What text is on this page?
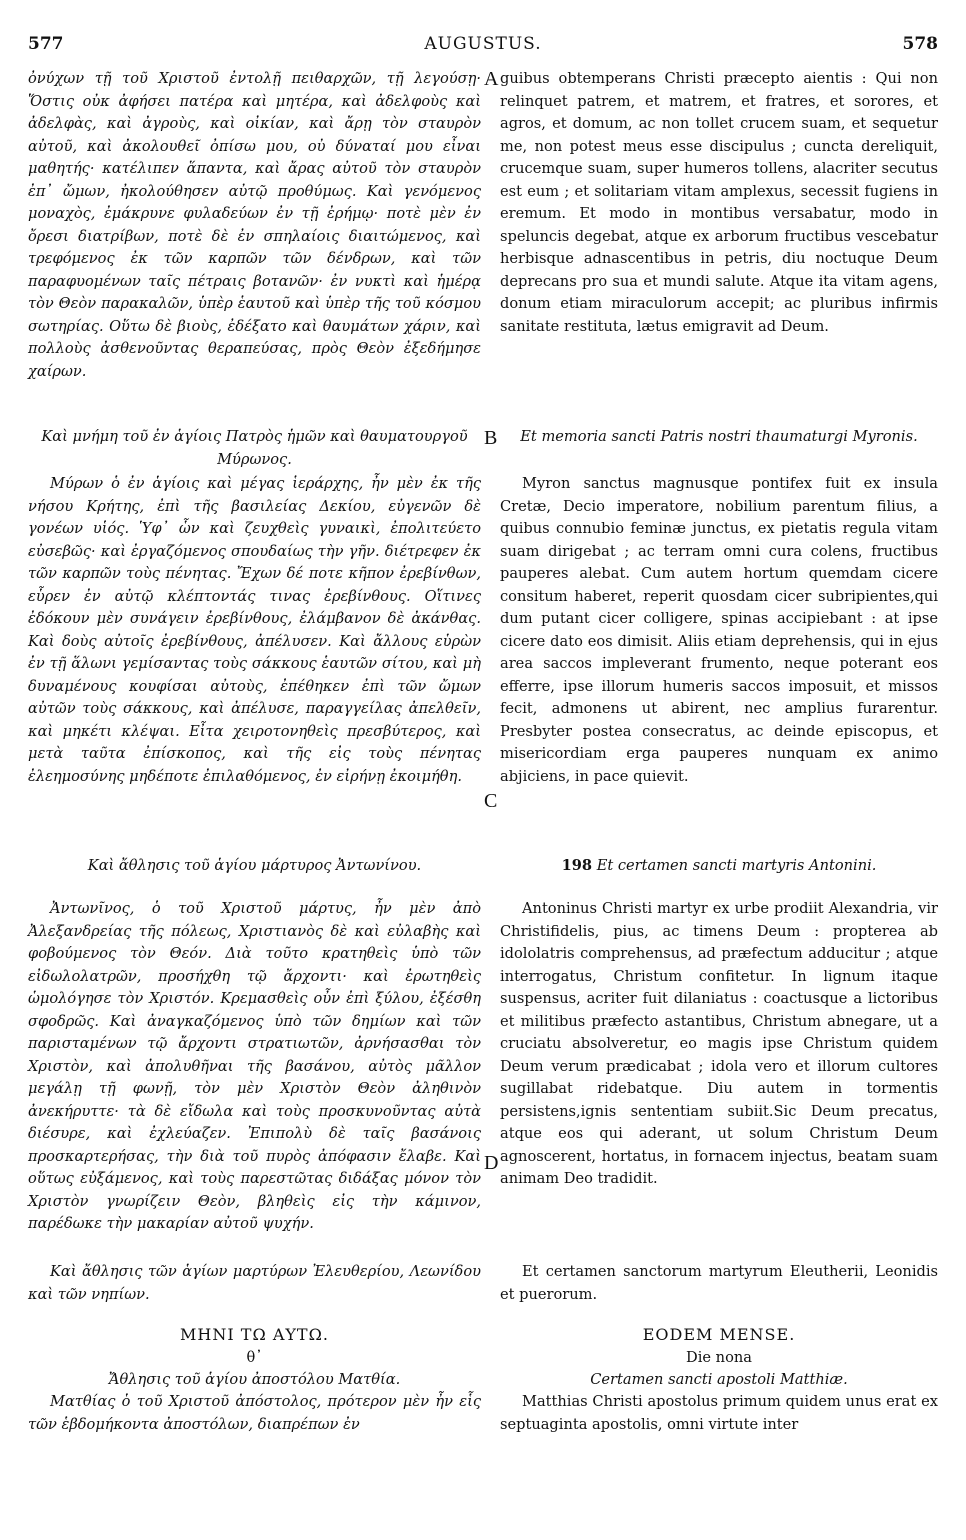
577	AUGUSTUS.	578
A
B
C
D

ὀνύχων τῇ τοῦ Χριστοῦ ἐντολῇ πειθαρχῶν, τῇ λεγούσῃ· Ὅστις οὐκ ἀφήσει πατέρα καὶ μητέρα, καὶ ἀδελφοὺς καὶ ἀδελφὰς, καὶ ἀγροὺς, καὶ οἰκίαν, καὶ ἄρῃ τὸν σταυρὸν αὐτοῦ, καὶ ἀκολουθεῖ ὀπίσω μου, οὐ δύναταί μου εἶναι μαθητής· κατέλιπεν ἅπαντα, καὶ ἄρας αὐτοῦ τὸν σταυρὸν ἐπ᾽ ὤμων, ἠκολούθησεν αὐτῷ προθύμως. Καὶ γενόμενος μοναχὸς, ἐμάκρυνε φυλαδεύων ἐν τῇ ἐρήμῳ· ποτὲ μὲν ἐν ὄρεσι διατρίβων, ποτὲ δὲ ἐν σπηλαίοις διαιτώμενος, καὶ τρεφόμενος ἐκ τῶν καρπῶν τῶν δένδρων, καὶ τῶν παραφυομένων ταῖς πέτραις βοτανῶν· ἐν νυκτὶ καὶ ἡμέρᾳ τὸν Θεὸν παρακαλῶν, ὑπὲρ ἑαυτοῦ καὶ ὑπὲρ τῆς τοῦ κόσμου σωτηρίας. Οὕτω δὲ βιοὺς, ἐδέξατο καὶ θαυμάτων χάριν, καὶ πολλοὺς ἀσθενοῦντας θεραπεύσας, πρὸς Θεὸν ἐξεδήμησε χαίρων.

Καὶ μνήμη τοῦ ἐν ἁγίοις Πατρὸς ἡμῶν καὶ θαυματουργοῦ Μύρωνος.

Μύρων ὁ ἐν ἁγίοις καὶ μέγας ἱεράρχης, ἦν μὲν ἐκ τῆς νήσου Κρήτης, ἐπὶ τῆς βασιλείας Δεκίου, εὐγενῶν δὲ γονέων υἱός. Ὑφ᾽ ὧν καὶ ζευχθεὶς γυναικὶ, ἐπολιτεύετο εὐσεβῶς· καὶ ἐργαζόμενος σπουδαίως τὴν γῆν. διέτρεφεν ἐκ τῶν καρπῶν τοὺς πένητας. Ἔχων δέ ποτε κῆπον ἐρεβίνθων, εὗρεν ἐν αὐτῷ κλέπτοντάς τινας ἐρεβίνθους. Οἵτινες ἐδόκουν μὲν συνάγειν ἐρεβίνθους, ἐλάμβανον δὲ ἀκάνθας. Καὶ δοὺς αὐτοῖς ἐρεβίνθους, ἀπέλυσεν. Καὶ ἄλλους εὑρὼν ἐν τῇ ἅλωνι γεμίσαντας τοὺς σάκκους ἑαυτῶν σίτου, καὶ μὴ δυναμένους κουφίσαι αὐτοὺς, ἐπέθηκεν ἐπὶ τῶν ὤμων αὐτῶν τοὺς σάκκους, καὶ ἀπέλυσε, παραγγείλας ἀπελθεῖν, καὶ μηκέτι κλέψαι. Εἶτα χειροτονηθεὶς πρεσβύτερος, καὶ μετὰ ταῦτα ἐπίσκοπος, καὶ τῆς εἰς τοὺς πένητας ἐλεημοσύνης μηδέποτε ἐπιλαθόμενος, ἐν εἰρήνῃ ἐκοιμήθη.

Καὶ ἄθλησις τοῦ ἁγίου μάρτυρος Ἀντωνίνου.

Ἀντωνῖνος, ὁ τοῦ Χριστοῦ μάρτυς, ἦν μὲν ἀπὸ Ἀλεξανδρείας τῆς πόλεως, Χριστιανὸς δὲ καὶ εὐλαβὴς καὶ φοβούμενος τὸν Θεόν. Διὰ τοῦτο κρατηθεὶς ὑπὸ τῶν εἰδωλολατρῶν, προσήχθη τῷ ἄρχοντι· καὶ ἐρωτηθεὶς ὡμολόγησε τὸν Χριστόν. Κρεμασθεὶς οὖν ἐπὶ ξύλου, ἐξέσθη σφοδρῶς. Καὶ ἀναγκαζόμενος ὑπὸ τῶν δημίων καὶ τῶν παρισταμένων τῷ ἄρχοντι στρατιωτῶν, ἀρνήσασθαι τὸν Χριστὸν, καὶ ἀπολυθῆναι τῆς βασάνου, αὐτὸς μᾶλλον μεγάλῃ τῇ φωνῇ, τὸν μὲν Χριστὸν Θεὸν ἀληθινὸν ἀνεκήρυττε· τὰ δὲ εἴδωλα καὶ τοὺς προσκυνοῦντας αὐτὰ διέσυρε, καὶ ἐχλεύαζεν. Ἐπιπολὺ δὲ ταῖς βασάνοις προσκαρτερήσας, τὴν διὰ τοῦ πυρὸς ἀπόφασιν ἔλαβε. Καὶ οὕτως εὐξάμενος, καὶ τοὺς παρεστῶτας διδάξας μόνον τὸν Χριστὸν γνωρίζειν Θεὸν, βληθεὶς εἰς τὴν κάμινον, παρέδωκε τὴν μακαρίαν αὐτοῦ ψυχήν.

Καὶ ἄθλησις τῶν ἁγίων μαρτύρων Ἐλευθερίου, Λεωνίδου καὶ τῶν νηπίων.

ΜΗΝΙ ΤΩ ΑΥΤΩ.

θ᾽

Ἄθλησις τοῦ ἁγίου ἀποστόλου Ματθία.

Ματθίας ὁ τοῦ Χριστοῦ ἀπόστολος, πρότερον μὲν ἦν εἷς τῶν ἑβδομήκοντα ἀποστόλων, διαπρέπων ἐν

guibus obtemperans Christi præcepto aientis : Qui non relinquet patrem, et matrem, et fratres, et sorores, et agros, et domum, ac non tollet crucem suam, et sequetur me, non potest meus esse discipulus ; cuncta dereliquit, crucemque suam, super humeros tollens, alacriter secutus est eum ; et solitariam vitam amplexus, secessit fugiens in eremum. Et modo in montibus versabatur, modo in speluncis degebat, atque ex arborum fructibus vescebatur herbisque adnascentibus in petris, diu noctuque Deum deprecans pro sua et mundi salute. Atque ita vitam agens, donum etiam miraculorum accepit; ac pluribus infirmis sanitate restituta, lætus emigravit ad Deum.

Et memoria sancti Patris nostri thaumaturgi Myronis.

Myron sanctus magnusque pontifex fuit ex insula Cretæ, Decio imperatore, nobilium parentum filius, a quibus connubio feminæ junctus, ex pietatis regula vitam suam dirigebat ; ac terram omni cura colens, fructibus pauperes alebat. Cum autem hortum quemdam cicere consitum haberet, reperit quosdam cicer subripientes,qui dum putant cicer colligere, spinas accipiebant : at ipse cicere dato eos dimisit. Aliis etiam deprehensis, qui in ejus area saccos impleverant frumento, neque poterant eos efferre, ipse illorum humeris saccos imposuit, et missos fecit, admonens ut abirent, nec amplius furarentur. Presbyter postea consecratus, ac deinde episcopus, et misericordiam erga pauperes nunquam ex animo abjiciens, in pace quievit.

198 Et certamen sancti martyris Antonini.

Antoninus Christi martyr ex urbe prodiit Alexandria, vir Christifidelis, pius, ac timens Deum : propterea ab idololatris comprehensus, ad præfectum adducitur ; atque interrogatus, Christum confitetur. In lignum itaque suspensus, acriter fuit dilaniatus : coactusque a lictoribus et militibus præfecto astantibus, Christum abnegare, ut a cruciatu absolveretur, eo magis ipse Christum quidem Deum verum prædicabat ; idola vero et illorum cultores sugillabat ridebatque. Diu autem in tormentis persistens,ignis sententiam subiit.Sic Deum precatus, atque eos qui aderant, ut solum Christum Deum agnoscerent, hortatus, in fornacem injectus, beatam suam animam Deo tradidit.

Et certamen sanctorum martyrum Eleutherii, Leonidis et puerorum.

EODEM MENSE.

Die nona

Certamen sancti apostoli Matthiæ.

Matthias Christi apostolus primum quidem unus erat ex septuaginta apostolis, omni virtute inter
